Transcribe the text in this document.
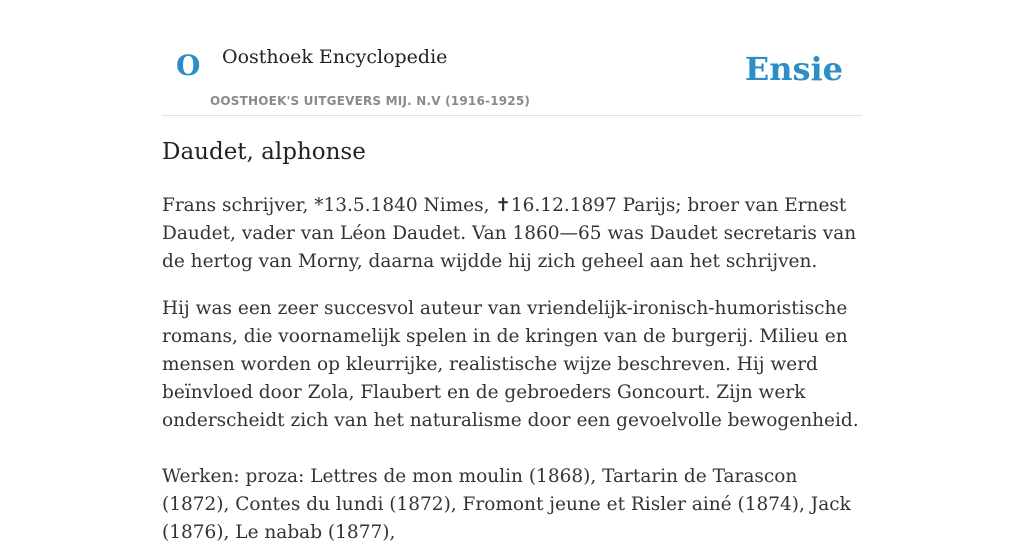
O Oosthoek Encyclopedie
OOSTHOEK'S UITGEVERS MIJ. N.V (1916-1925)
Ensie
Daudet, alphonse

Frans schrijver, *13.5.1840 Nimes, ✝16.12.1897 Parijs; broer van Ernest Daudet, vader van Léon Daudet. Van 1860—65 was Daudet secretaris van de hertog van Morny, daarna wijdde hij zich geheel aan het schrijven.

Hij was een zeer succesvol auteur van vriendelijk-ironisch-humoristische romans, die voornamelijk spelen in de kringen van de burgerij. Milieu en mensen worden op kleurrijke, realistische wijze beschreven. Hij werd beïnvloed door Zola, Flaubert en de gebroeders Goncourt. Zijn werk onderscheidt zich van het naturalisme door een gevoelvolle bewogenheid.

Werken: proza: Lettres de mon moulin (1868), Tartarin de Tarascon (1872), Contes du lundi (1872), Fromont jeune et Risler ainé (1874), Jack (1876), Le nabab (1877),
